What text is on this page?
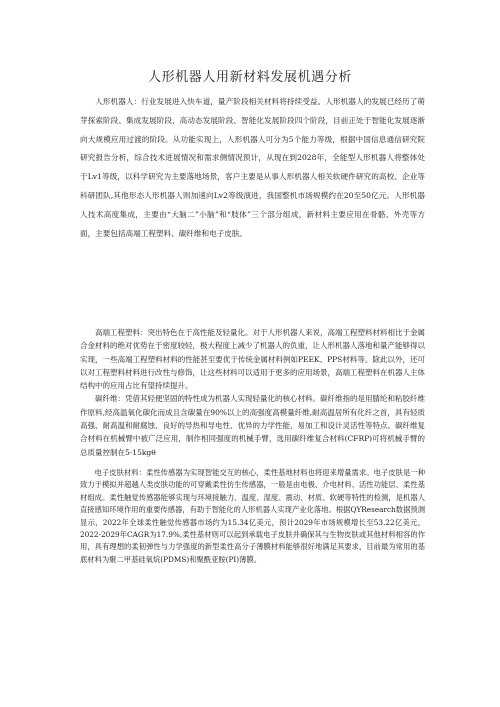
人形机器人用新材料发展机遇分析

人形机器人：行业发展进入快车道，量产阶段相关材料将持续受益。人形机器人的发展已经历了萌芽探索阶段、集成发展阶段、高动态发展阶段、智能化发展阶段四个阶段，目前正处于智能化发展逐渐向大规模应用过渡的阶段。从功能实现上，人形机器人可分为5个能力等级，根据中国信息通信研究院研究报告分析，综合技术进展情况和需求侧情况预计，从现在到2028年，全能型人形机器人将整体处于Lv1等级，以科学研究为主要落地场景，客户主要是从事人形机器人相关软硬件研究的高校、企业等科研团队,其他形态人形机器人则加速向Lv2等级演进，我国整机市场规模约在20至50亿元。人形机器人技术高度集成，主要由“大脑二”小脑”和“肢体”三个部分组成，新材料主要应用在骨骼、外壳等方面，主要包括高端工程塑料、碳纤维和电子皮肤。

高端工程塑料：突出特色在于高性能及轻量化。对于人形机器人来说，高端工程塑料材料相比于金属合金材料的绝对优势在于密度较轻，极大程度上减少了机器人的负重，让人形机器人落地和量产能够得以实现，一些高端工程塑料材料的性能甚至要优于传统金属材料例如PEEK、PPS材料等。除此以外，还可以对工程塑料材料进行改性与修饰，让这些材料可以适用于更多的应用场景，高端工程塑料在机器人主体结构中的应用占比有望持续提升。

碳纤维：凭借其轻便坚固的特性成为机器人实现轻量化的核心材料。碳纤维指的是用腈纶和粘胶纤维作原料,经高温氧化碳化而成且含碳量在90%以上的高强度高模量纤维,耐高温居所有化纤之首，具有轻质高强、耐高温和耐腐蚀、良好的导热和导电性、优异的力学性能、易加工和设计灵活性等特点。碳纤维复合材料在机械臂中被广泛应用，制作相同强度的机械手臂，选用碳纤维复合材料(CFRP)可将机械手臂的总质量控制在5-15kgθ

电子皮肤材料：柔性传感器为实现智能交互的核心，柔性基地材料也将迎来增量需求。电子皮肤是一种致力于模拟并超越人类皮肤功能的可穿戴柔性仿生传感器，一般是由电极、介电材料、活性功能层、柔性基材组成。柔性触觉传感器能够实现与环境接触力、温度、湿度、震动、材质、软硬等特性的检测，是机器人直接感知环境作用的重要传感器，有助于智能化的人形机器人实现产业化落地。根据QYResearch数据预测显示，2022年全球柔性触觉传感器市场约为15.34亿美元，预计2029年市场规模增长至53.22亿美元，2022-2029年CAGR为17.9%,柔性基材则可以起到承载电子皮肤并确保其与生物皮肤或其他材料相容的作用，具有理想的柔韧弹性与力学强度的新型柔性高分子薄膜材料能够很好地满足其要求，目前最为常用的基底材料为聚二甲基硅氧烷(PDMS)和聚酰亚胺(PI)薄膜。
